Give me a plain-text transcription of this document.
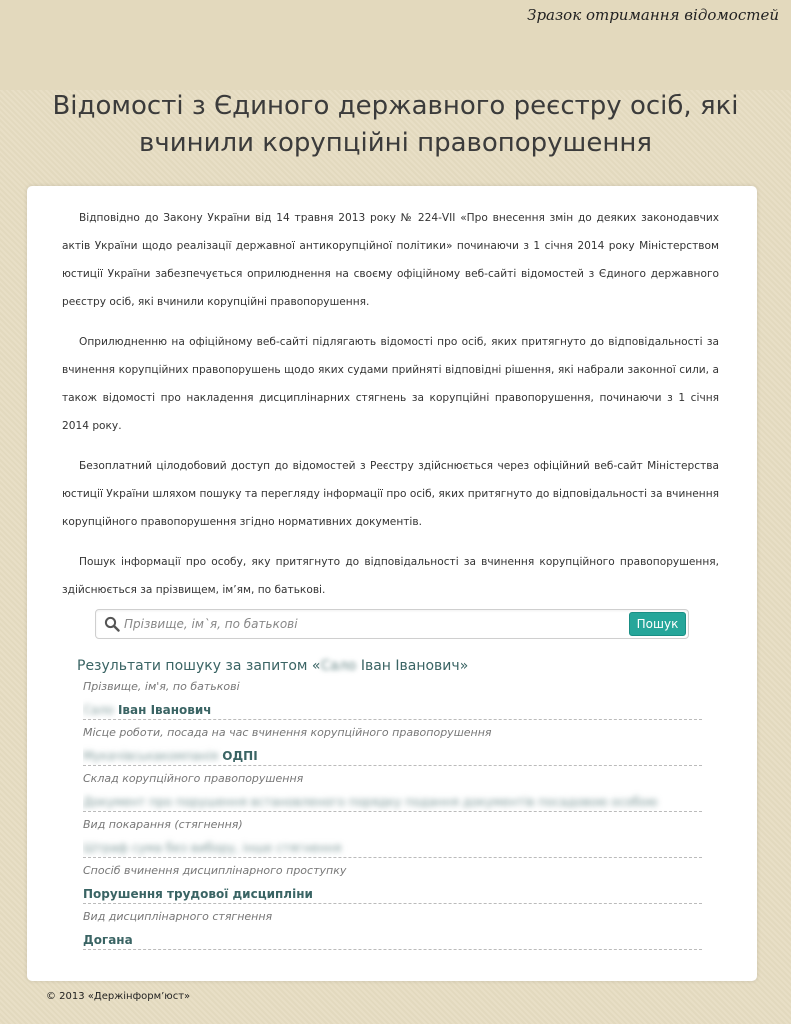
Зразок отримання відомостей
Відомості з Єдиного державного реєстру осіб, які вчинили корупційні правопорушення

Відповідно до Закону України від 14 травня 2013 року № 224-VII «Про внесення змін до деяких законодавчих актів України щодо реалізації державної антикорупційної політики» починаючи з 1 січня 2014 року Міністерством юстиції України забезпечується оприлюднення на своєму офіційному веб-сайті відомостей з Єдиного державного реєстру осіб, які вчинили корупційні правопорушення.

Оприлюдненню на офіційному веб-сайті підлягають відомості про осіб, яких притягнуто до відповідальності за вчинення корупційних правопорушень щодо яких судами прийняті відповідні рішення, які набрали законної сили, а також відомості про накладення дисциплінарних стягнень за корупційні правопорушення, починаючи з 1 січня 2014 року.

Безоплатний цілодобовий доступ до відомостей з Реєстру здійснюється через офіційний веб-сайт Міністерства юстиції України шляхом пошуку та перегляду інформації про осіб, яких притягнуто до відповідальності за вчинення корупційного правопорушення згідно нормативних документів.

Пошук інформації про особу, яку притягнуто до відповідальності за вчинення корупційного правопорушення, здійснюється за прізвищем, ім’ям, по батькові.

Прізвище, ім`я, по батькові
Пошук
Результати пошуку за запитом «Сало Іван Іванович»
Прізвище, ім'я, по батькові
Сало Іван Іванович
Місце роботи, посада на час вчинення корупційного правопорушення
Мукачівськакомпанія ОДПІ
Склад корупційного правопорушення
Документ про порушення встановленого порядку подання документів посадовою особою
Вид покарання (стягнення)
Штраф сума без вибору, інше стягнення
Спосіб вчинення дисциплінарного проступку
Порушення трудової дисципліни
Вид дисциплінарного стягнення
Догана
© 2013 «Держінформ’юст»
